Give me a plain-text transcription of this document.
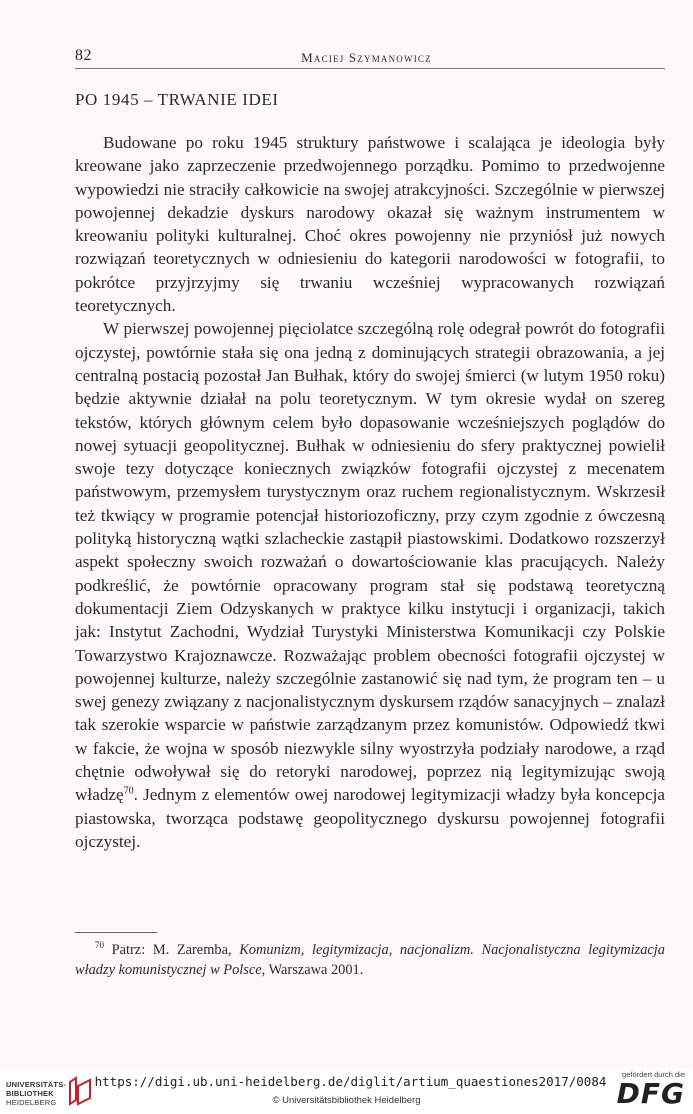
82	Maciej Szymanowicz
PO 1945 – TRWANIE IDEI

Budowane po roku 1945 struktury państwowe i scalająca je ideologia były kreowane jako zaprzeczenie przedwojennego porządku. Pomimo to przedwojenne wypowiedzi nie straciły całkowicie na swojej atrakcyjności. Szczególnie w pierwszej powojennej dekadzie dyskurs narodowy okazał się ważnym instrumentem w kreowaniu polityki kulturalnej. Choć okres powojenny nie przyniósł już nowych rozwiązań teoretycznych w odniesieniu do kategorii narodowości w fotografii, to pokrótce przyjrzyjmy się trwaniu wcześniej wypracowanych rozwiązań teoretycznych.

W pierwszej powojennej pięciolatce szczególną rolę odegrał powrót do fotografii ojczystej, powtórnie stała się ona jedną z dominujących strategii obrazowania, a jej centralną postacią pozostał Jan Bułhak, który do swojej śmierci (w lutym 1950 roku) będzie aktywnie działał na polu teoretycznym. W tym okresie wydał on szereg tekstów, których głównym celem było dopasowanie wcześniejszych poglądów do nowej sytuacji geopolitycznej. Bułhak w odniesieniu do sfery praktycznej powielił swoje tezy dotyczące koniecznych związków fotografii ojczystej z mecenatem państwowym, przemysłem turystycznym oraz ruchem regionalistycznym. Wskrzesił też tkwiący w programie potencjał historiozoficzny, przy czym zgodnie z ówczesną polityką historyczną wątki szlacheckie zastąpił piastowskimi. Dodatkowo rozszerzył aspekt społeczny swoich rozważań o dowartościowanie klas pracujących. Należy podkreślić, że powtórnie opracowany program stał się podstawą teoretyczną dokumentacji Ziem Odzyskanych w praktyce kilku instytucji i organizacji, takich jak: Instytut Zachodni, Wydział Turystyki Ministerstwa Komunikacji czy Polskie Towarzystwo Krajoznawcze. Rozważając problem obecności fotografii ojczystej w powojennej kulturze, należy szczególnie zastanowić się nad tym, że program ten – u swej genezy związany z nacjonalistycznym dyskursem rządów sanacyjnych – znalazł tak szerokie wsparcie w państwie zarządzanym przez komunistów. Odpowiedź tkwi w fakcie, że wojna w sposób niezwykle silny wyostrzyła podziały narodowe, a rząd chętnie odwoływał się do retoryki narodowej, poprzez nią legitymizując swoją władzę$^{70}$. Jednym z elementów owej narodowej legitymizacji władzy była koncepcja piastowska, tworząca podstawę geopolitycznego dyskursu powojennej fotografii ojczystej.

$^{70}$ Patrz: M. Zaremba, Komunizm, legitymizacja, nacjonalizm. Nacjonalistyczna legitymizacja władzy komunistycznej w Polsce, Warszawa 2001.
UNIVERSITÄTS-
BIBLIOTHEK
HEIDELBERG
https://digi.ub.uni-heidelberg.de/diglit/artium_quaestiones2017/0084
© Universitätsbibliothek Heidelberg
gefördert durch die
DFG
